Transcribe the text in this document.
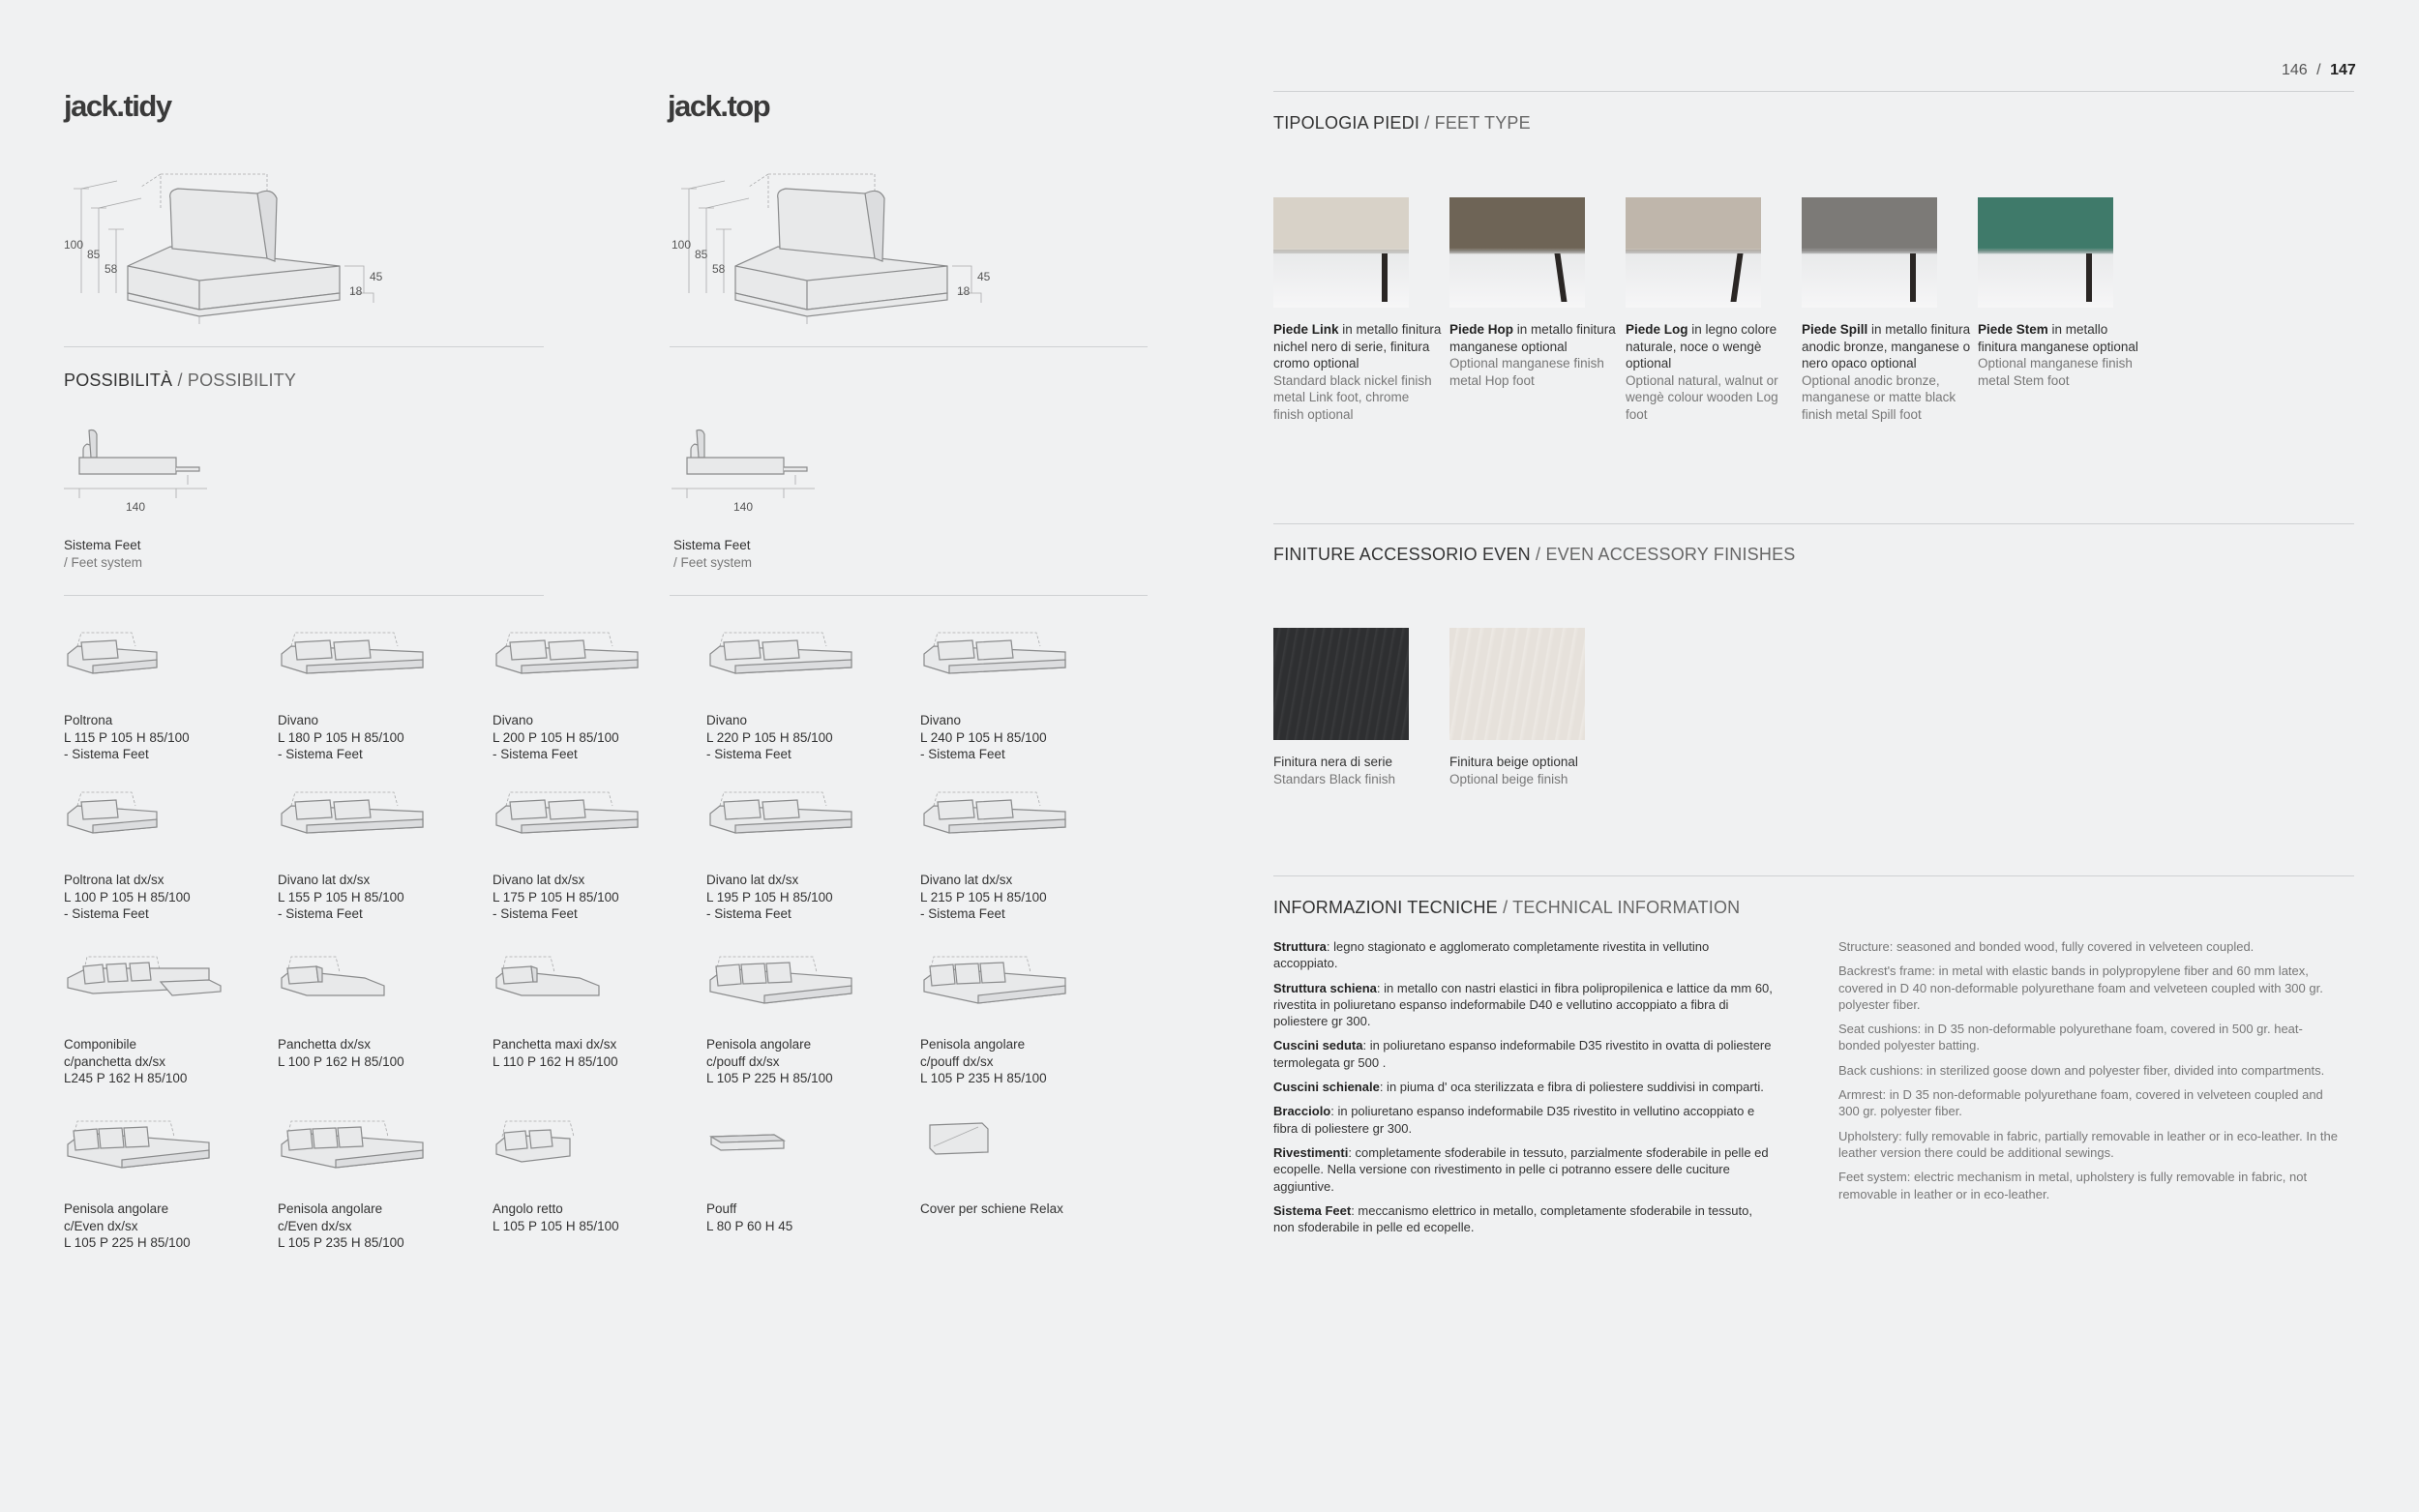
146 / 147
jack.tidy
100
85
58
45
18
POSSIBILITÀ / POSSIBILITY
140
Sistema Feet
/ Feet system
jack.top
100
85
58
45
18
140
Sistema Feet
/ Feet system
Poltrona
L 115 P 105 H 85/100
- Sistema Feet
Divano
L 180 P 105 H 85/100
- Sistema Feet
Divano
L 200 P 105 H 85/100
- Sistema Feet
Divano
L 220 P 105 H 85/100
- Sistema Feet
Divano
L 240 P 105 H 85/100
- Sistema Feet
Poltrona lat dx/sx
L 100 P 105 H 85/100
- Sistema Feet
Divano lat dx/sx
L 155 P 105 H 85/100
- Sistema Feet
Divano lat dx/sx
L 175 P 105 H 85/100
- Sistema Feet
Divano lat dx/sx
L 195 P 105 H 85/100
- Sistema Feet
Divano lat dx/sx
L 215 P 105 H 85/100
- Sistema Feet
Componibile
c/panchetta dx/sx
L245 P 162 H 85/100
Panchetta dx/sx
L 100 P 162 H 85/100
Panchetta maxi dx/sx
L 110 P 162 H 85/100
Penisola angolare
c/pouff dx/sx
L 105 P 225 H 85/100
Penisola angolare
c/pouff dx/sx
L 105 P 235 H 85/100
Penisola angolare
c/Even dx/sx
L 105 P 225 H 85/100
Penisola angolare
c/Even dx/sx
L 105 P 235 H 85/100
Angolo retto
L 105 P 105 H 85/100
Pouff
L 80 P 60 H 45
Cover per schiene Relax
TIPOLOGIA PIEDI / FEET TYPE
Piede Link in metallo finitura nichel nero di serie, finitura cromo optional
Standard black nickel finish metal Link foot, chrome finish optional
Piede Hop in metallo finitura manganese optional
Optional manganese finish metal Hop foot
Piede Log in legno colore naturale, noce o wengè optional
Optional natural, walnut or wengè colour wooden Log foot
Piede Spill in metallo finitura anodic bronze, manganese o nero opaco optional
Optional anodic bronze, manganese or matte black finish metal Spill foot
Piede Stem in metallo finitura manganese optional
Optional manganese finish metal Stem foot
FINITURE ACCESSORIO EVEN / EVEN ACCESSORY FINISHES
Finitura nera di serie
Standars Black finish
Finitura beige optional
Optional beige finish
INFORMAZIONI TECNICHE / TECHNICAL INFORMATION

Struttura: legno stagionato e agglomerato completamente rivestita in vellutino accoppiato.

Struttura schiena: in metallo con nastri elastici in fibra polipropilenica e lattice da mm 60, rivestita in poliuretano espanso indeformabile D40 e vellutino accoppiato a fibra di poliestere gr 300.

Cuscini seduta: in poliuretano espanso indeformabile D35 rivestito in ovatta di poliestere termolegata gr 500 .

Cuscini schienale: in piuma d' oca sterilizzata e fibra di poliestere suddivisi in comparti.

Bracciolo: in poliuretano espanso indeformabile D35 rivestito in vellutino accoppiato e fibra di poliestere gr 300.

Rivestimenti: completamente sfoderabile in tessuto, parzialmente sfoderabile in pelle ed ecopelle. Nella versione con rivestimento in pelle ci potranno essere delle cuciture aggiuntive.

Sistema Feet: meccanismo elettrico in metallo, completamente sfoderabile in tessuto, non sfoderabile in pelle ed ecopelle.

Structure: seasoned and bonded wood, fully covered in velveteen coupled.

Backrest's frame: in metal with elastic bands in polypropylene fiber and 60 mm latex, covered in D 40 non-deformable polyurethane foam and velveteen coupled with 300 gr. polyester fiber.

Seat cushions: in D 35 non-deformable polyurethane foam, covered in 500 gr. heat-bonded polyester batting.

Back cushions: in sterilized goose down and polyester fiber, divided into compartments.

Armrest: in D 35 non-deformable polyurethane foam, covered in velveteen coupled and 300 gr. polyester fiber.

Upholstery: fully removable in fabric, partially removable in leather or in eco-leather. In the leather version there could be additional sewings.

Feet system: electric mechanism in metal, upholstery is fully removable in fabric, not removable in leather or in eco-leather.
